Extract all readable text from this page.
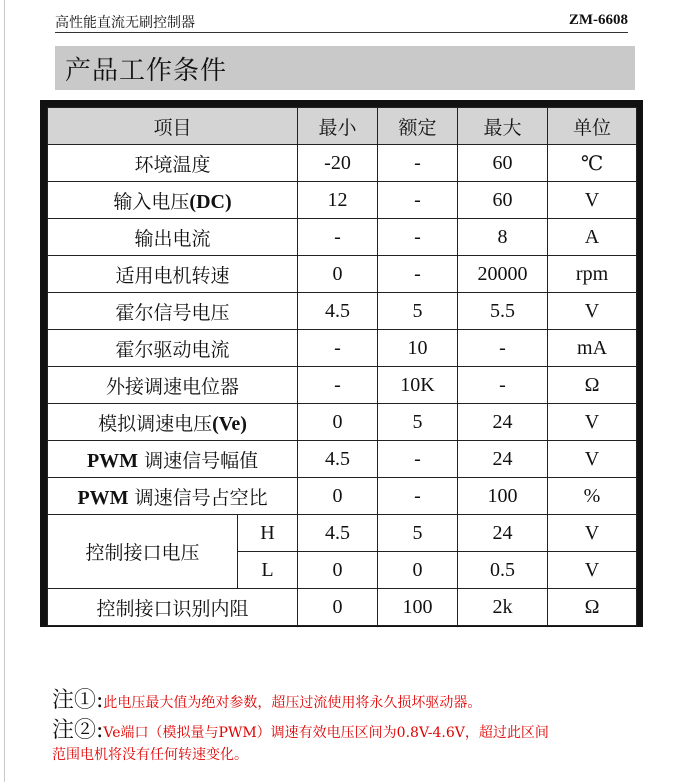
高性能直流无刷控制器	ZM-6608
产品工作条件
项目		最小	额定	最大	单位
环境温度		-20	-	60	℃
输入电压(DC)		12	-	60	V
输出电流		-	-	8	A
适用电机转速		0	-	20000	rpm
霍尔信号电压		4.5	5	5.5	V
霍尔驱动电流		-	10	-	mA
外接调速电位器		-	10K	-	Ω
模拟调速电压(Ve)		0	5	24	V
PWM 调速信号幅值		4.5	-	24	V
PWM 调速信号占空比		0	-	100	%
控制接口电压	H	4.5	5	24	V
	L	0	0	0.5	V
控制接口识别内阻		0	100	2k	Ω
注①:此电压最大值为绝对参数，超压过流使用将永久损坏驱动器。
注②:Ve端口（模拟量与PWM）调速有效电压区间为0.8V-4.6V，超过此区间
范围电机将没有任何转速变化。
